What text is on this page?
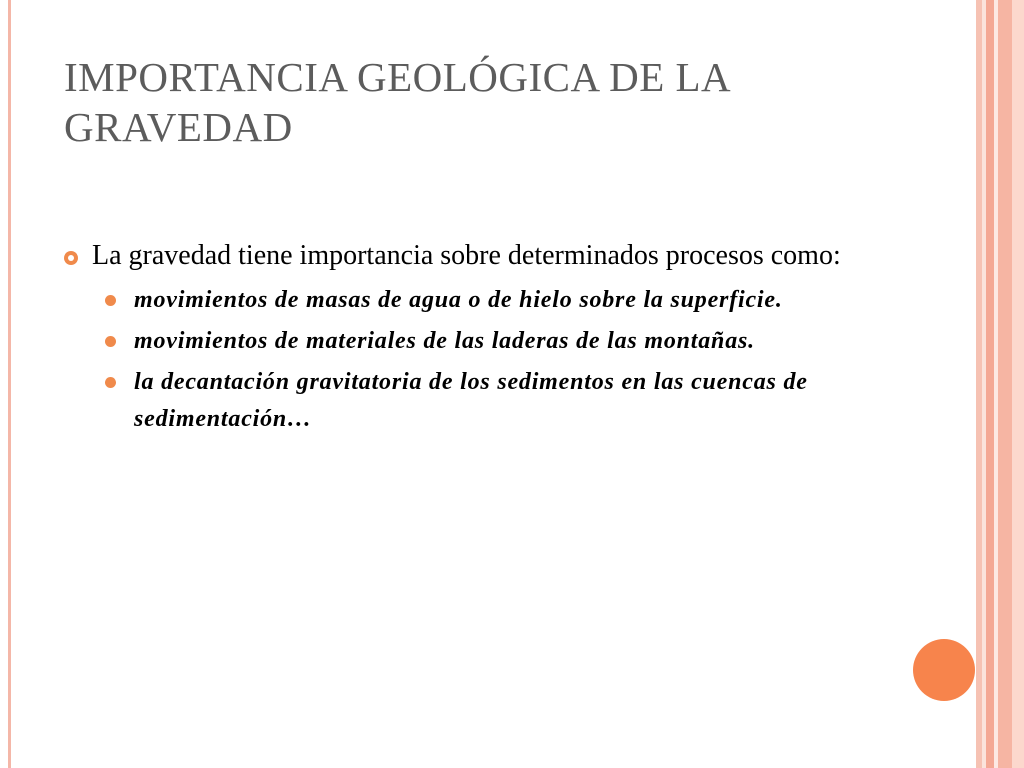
IMPORTANCIA GEOLÓGICA DE LA GRAVEDAD
La gravedad tiene importancia sobre determinados procesos como:
movimientos de masas de agua o de hielo sobre la superficie.
movimientos de materiales de las laderas de las montañas.
la decantación gravitatoria de los sedimentos en las cuencas de sedimentación…
